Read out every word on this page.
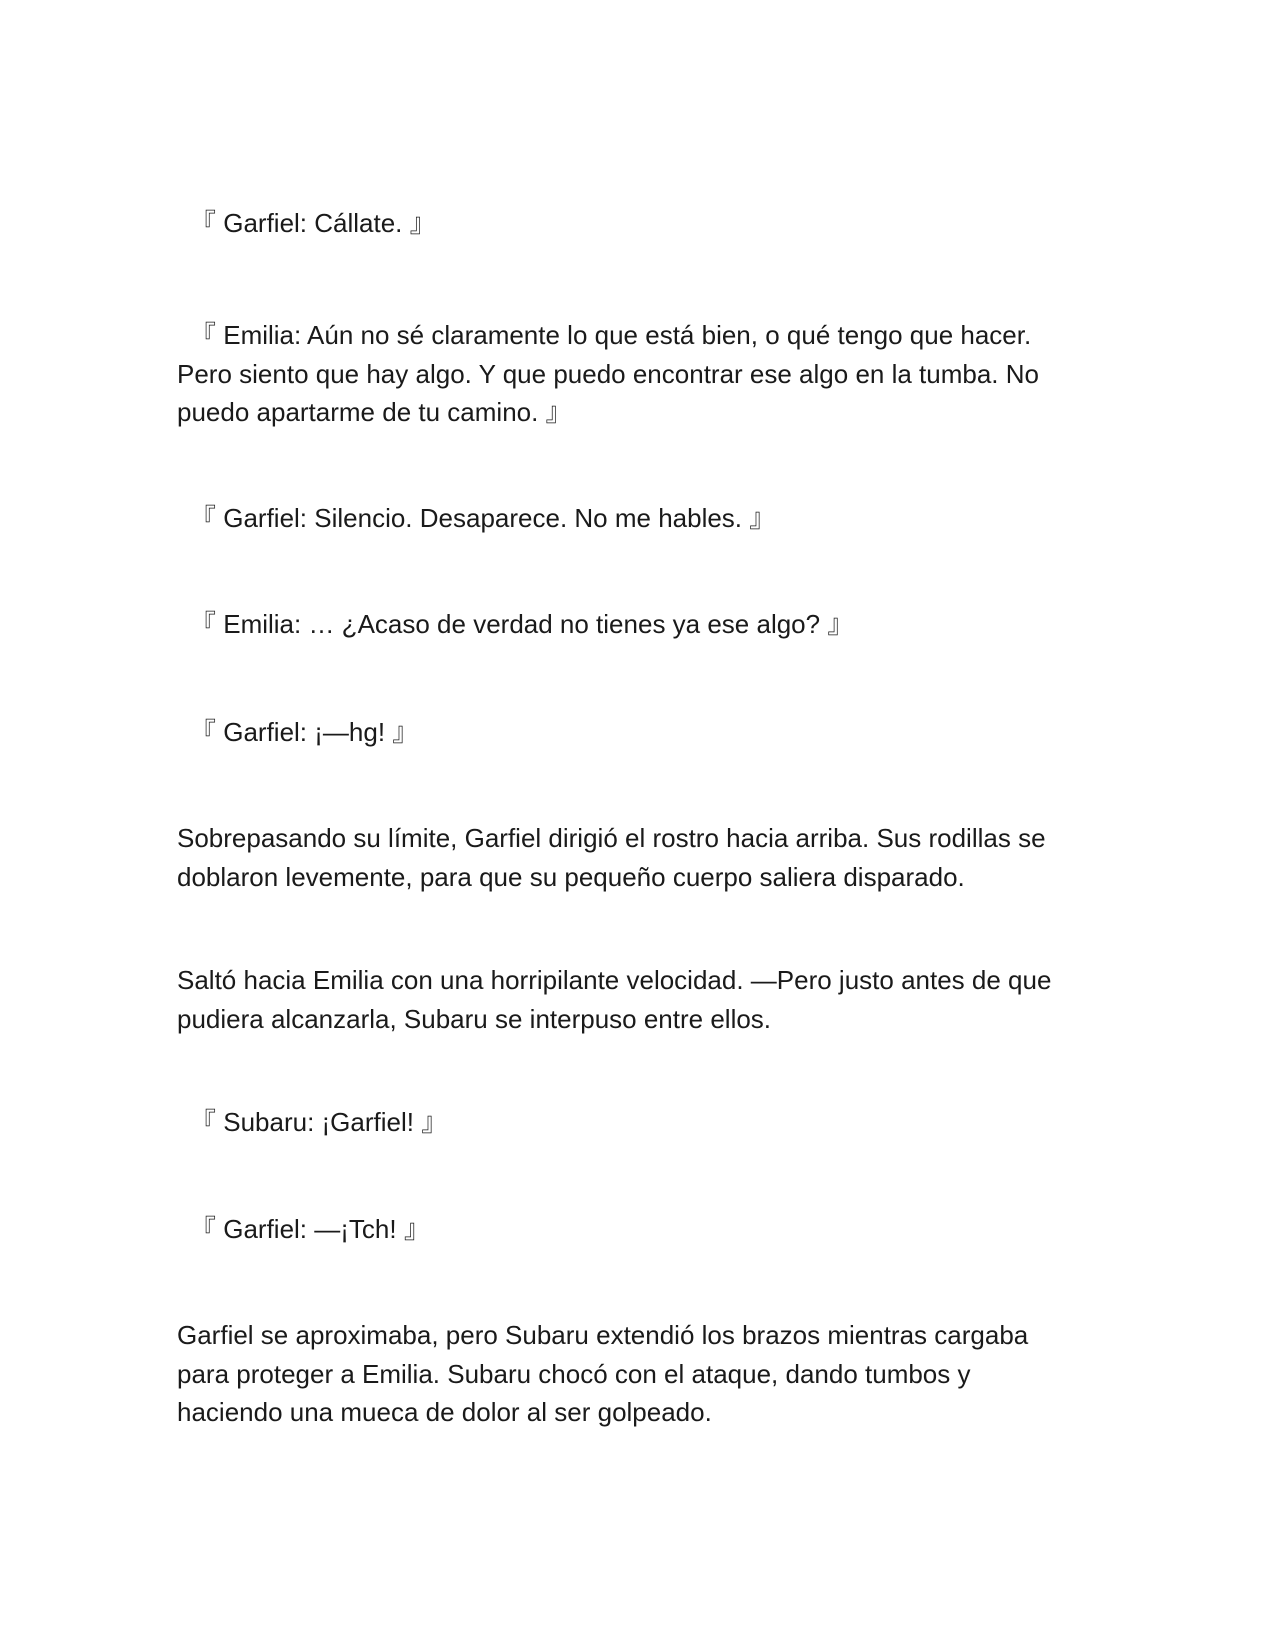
　『 Garfiel: Cállate. 』

　『 Emilia: Aún no sé claramente lo que está bien, o qué tengo que hacer.
Pero siento que hay algo. Y que puedo encontrar ese algo en la tumba. No
puedo apartarme de tu camino. 』

　『 Garfiel: Silencio. Desaparece. No me hables. 』

　『 Emilia: … ¿Acaso de verdad no tienes ya ese algo? 』

　『 Garfiel: ¡—hg! 』

Sobrepasando su límite, Garfiel dirigió el rostro hacia arriba. Sus rodillas se
doblaron levemente, para que su pequeño cuerpo saliera disparado.

Saltó hacia Emilia con una horripilante velocidad. —Pero justo antes de que
pudiera alcanzarla, Subaru se interpuso entre ellos.

　『 Subaru: ¡Garfiel! 』

　『 Garfiel: —¡Tch! 』

Garfiel se aproximaba, pero Subaru extendió los brazos mientras cargaba
para proteger a Emilia. Subaru chocó con el ataque, dando tumbos y
haciendo una mueca de dolor al ser golpeado.
